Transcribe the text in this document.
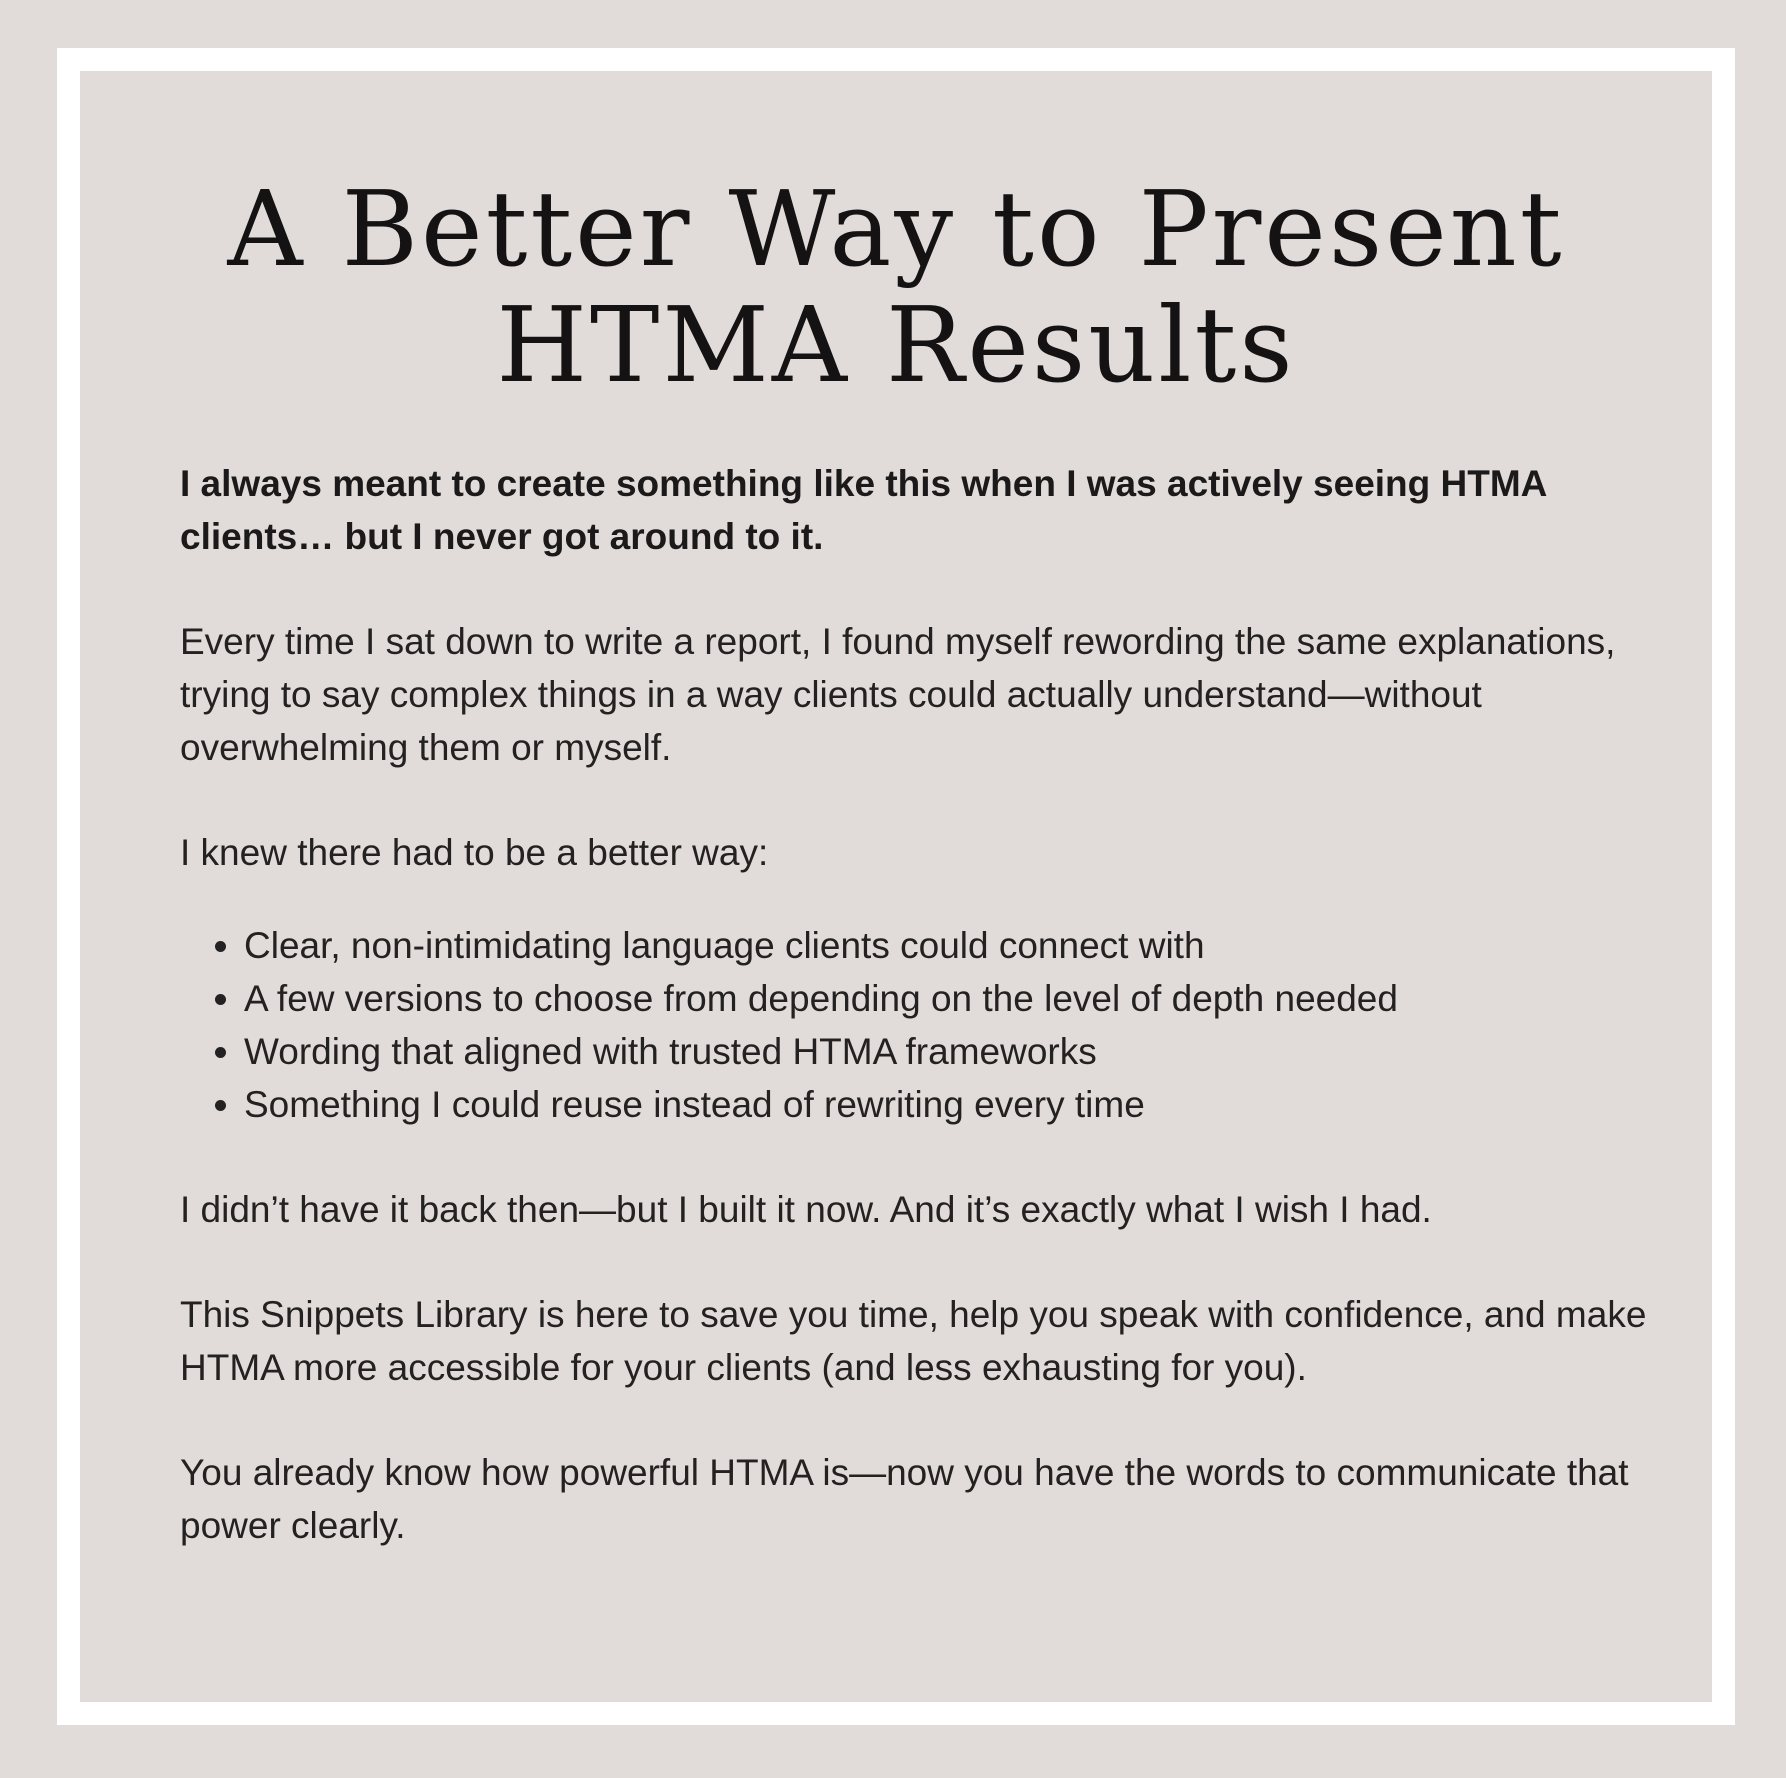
A Better Way to Present
HTMA Results

I always meant to create something like this when I was actively seeing HTMA clients… but I never got around to it.

Every time I sat down to write a report, I found myself rewording the same explanations, trying to say complex things in a way clients could actually understand—without overwhelming them or myself.

I knew there had to be a better way:

• Clear, non-intimidating language clients could connect with
• A few versions to choose from depending on the level of depth needed
• Wording that aligned with trusted HTMA frameworks
• Something I could reuse instead of rewriting every time

I didn’t have it back then—but I built it now. And it’s exactly what I wish I had.

This Snippets Library is here to save you time, help you speak with confidence, and make HTMA more accessible for your clients (and less exhausting for you).

You already know how powerful HTMA is—now you have the words to communicate that power clearly.
